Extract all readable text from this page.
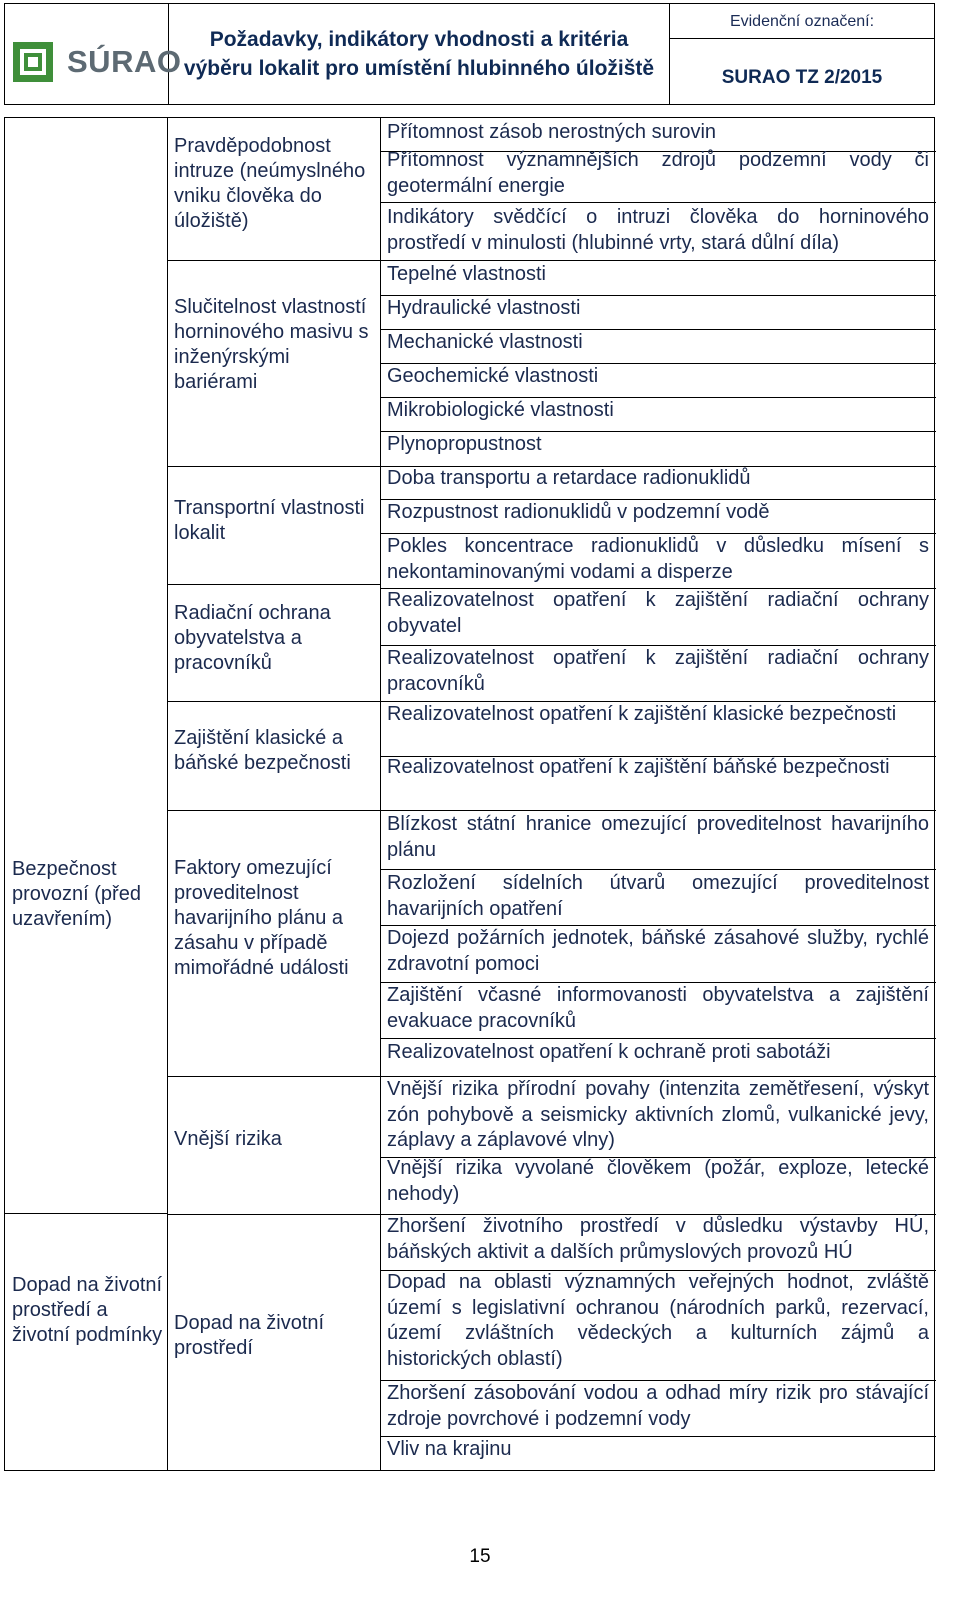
SÚRAO
Požadavky, indikátory vhodnosti a kritéria výběru lokalit pro umístění hlubinného úložiště
Evidenční označení:
SURAO TZ 2/2015
Bezpečnost provozní (před uzavřením)
Dopad na životní prostředí a životní podmínky
Pravděpodobnost intruze (neúmyslného vniku člověka do úložiště)
Slučitelnost vlastností horninového masivu s inženýrskými bariérami
Transportní vlastnosti lokalit
Radiační ochrana obyvatelstva a pracovníků
Zajištění klasické a báňské bezpečnosti
Faktory omezující proveditelnost havarijního plánu a zásahu v případě mimořádné události
Vnější rizika
Dopad na životní prostředí
Přítomnost zásob nerostných surovin
Přítomnost významnějších zdrojů podzemní vody či geotermální energie
Indikátory svědčící o intruzi člověka do horninového prostředí v minulosti (hlubinné vrty, stará důlní díla)
Tepelné vlastnosti
Hydraulické vlastnosti
Mechanické vlastnosti
Geochemické vlastnosti
Mikrobiologické vlastnosti
Plynopropustnost
Doba transportu a retardace radionuklidů
Rozpustnost radionuklidů v podzemní vodě
Pokles koncentrace radionuklidů v důsledku mísení s nekontaminovanými vodami a disperze
Realizovatelnost opatření k zajištění radiační ochrany obyvatel
Realizovatelnost opatření k zajištění radiační ochrany pracovníků
Realizovatelnost opatření k zajištění klasické bezpečnosti
Realizovatelnost opatření k zajištění báňské bezpečnosti
Blízkost státní hranice omezující proveditelnost havarijního plánu
Rozložení sídelních útvarů omezující proveditelnost havarijních opatření
Dojezd požárních jednotek, báňské zásahové služby, rychlé zdravotní pomoci
Zajištění včasné informovanosti obyvatelstva a zajištění evakuace pracovníků
Realizovatelnost opatření k ochraně proti sabotáži
Vnější rizika přírodní povahy (intenzita zemětřesení, výskyt zón pohybově a seismicky aktivních zlomů, vulkanické jevy, záplavy a záplavové vlny)
Vnější rizika vyvolané člověkem (požár, exploze, letecké nehody)
Zhoršení životního prostředí v důsledku výstavby HÚ, báňských aktivit a dalších průmyslových provozů HÚ
Dopad na oblasti významných veřejných hodnot, zvláště území s legislativní ochranou (národních parků, rezervací, území zvláštních vědeckých a kulturních zájmů a historických oblastí)
Zhoršení zásobování vodou a odhad míry rizik pro stávající zdroje povrchové i podzemní vody
Vliv na krajinu
15
